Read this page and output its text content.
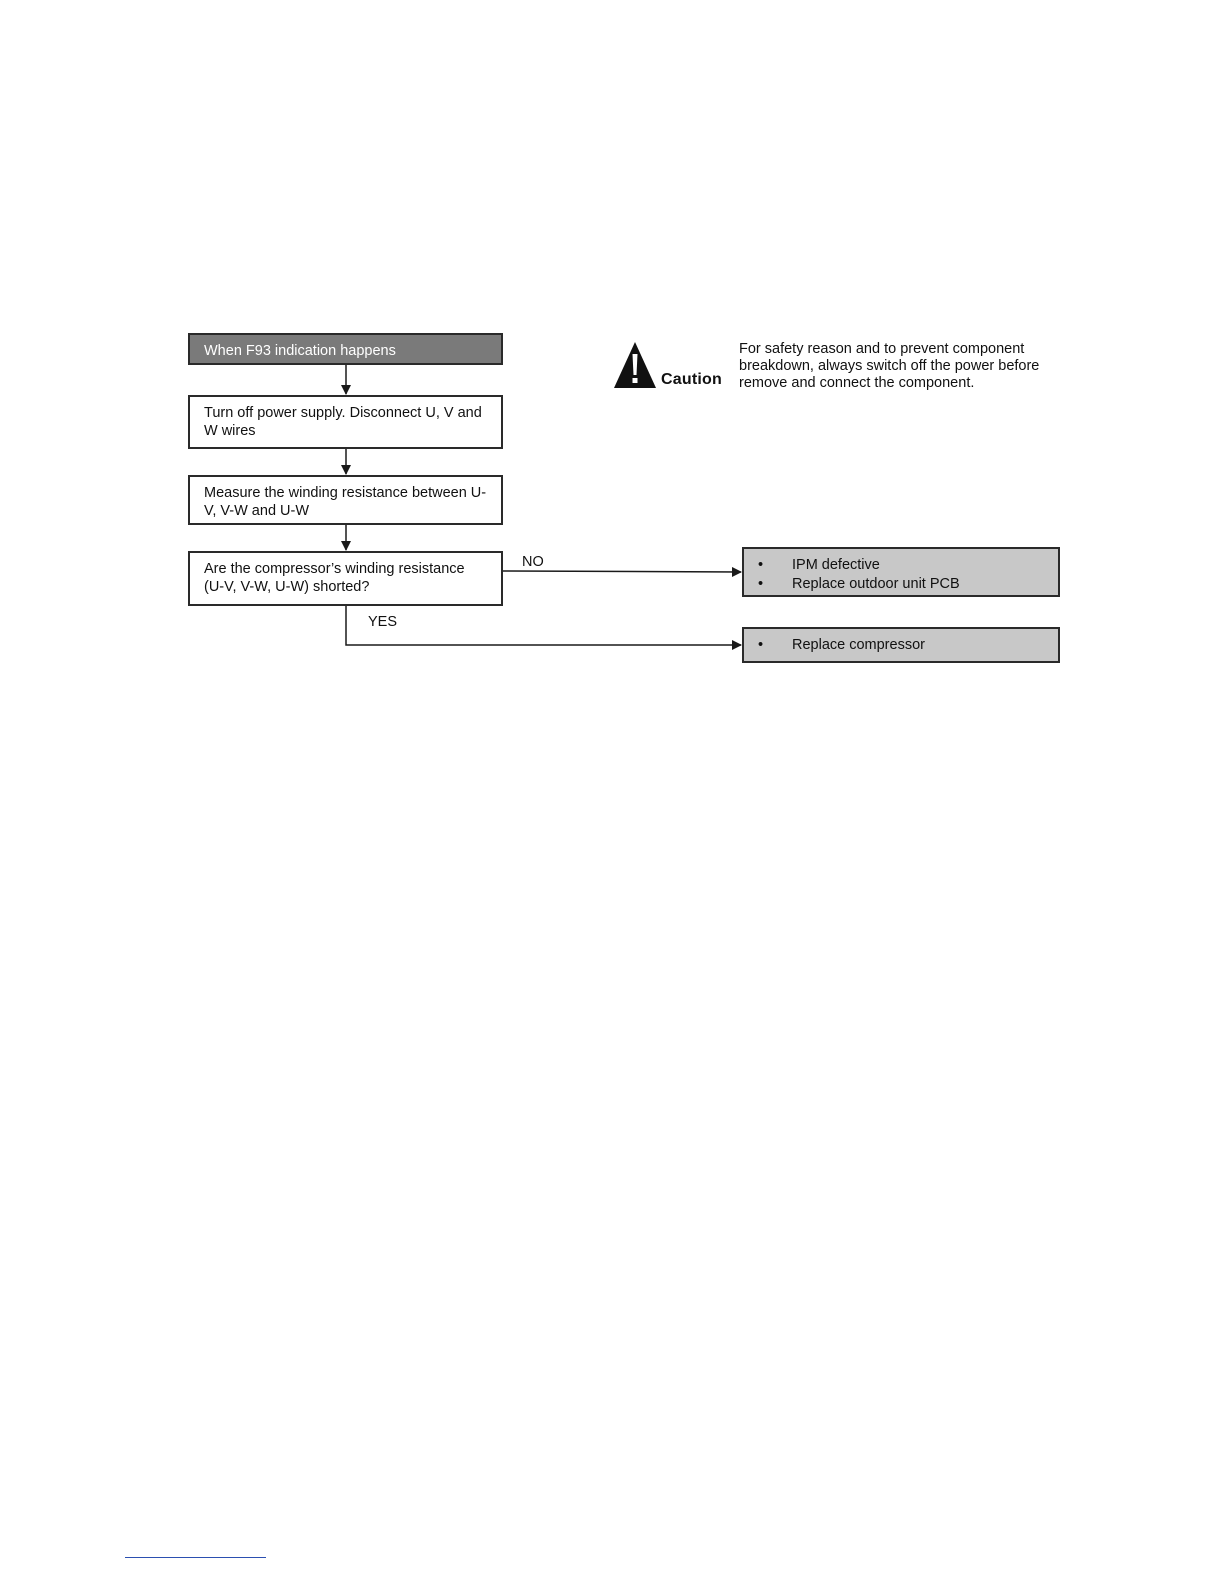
When F93 indication happens
Turn off power supply. Disconnect U, V and W wires
Measure the winding resistance between U-V, V-W and U-W
Are the compressor’s winding resistance (U-V, V-W, U-W) shorted?
NO
YES
• IPM defective
• Replace outdoor unit PCB
• Replace compressor
Caution
For safety reason and to prevent component breakdown, always switch off the power before remove and connect the component.
